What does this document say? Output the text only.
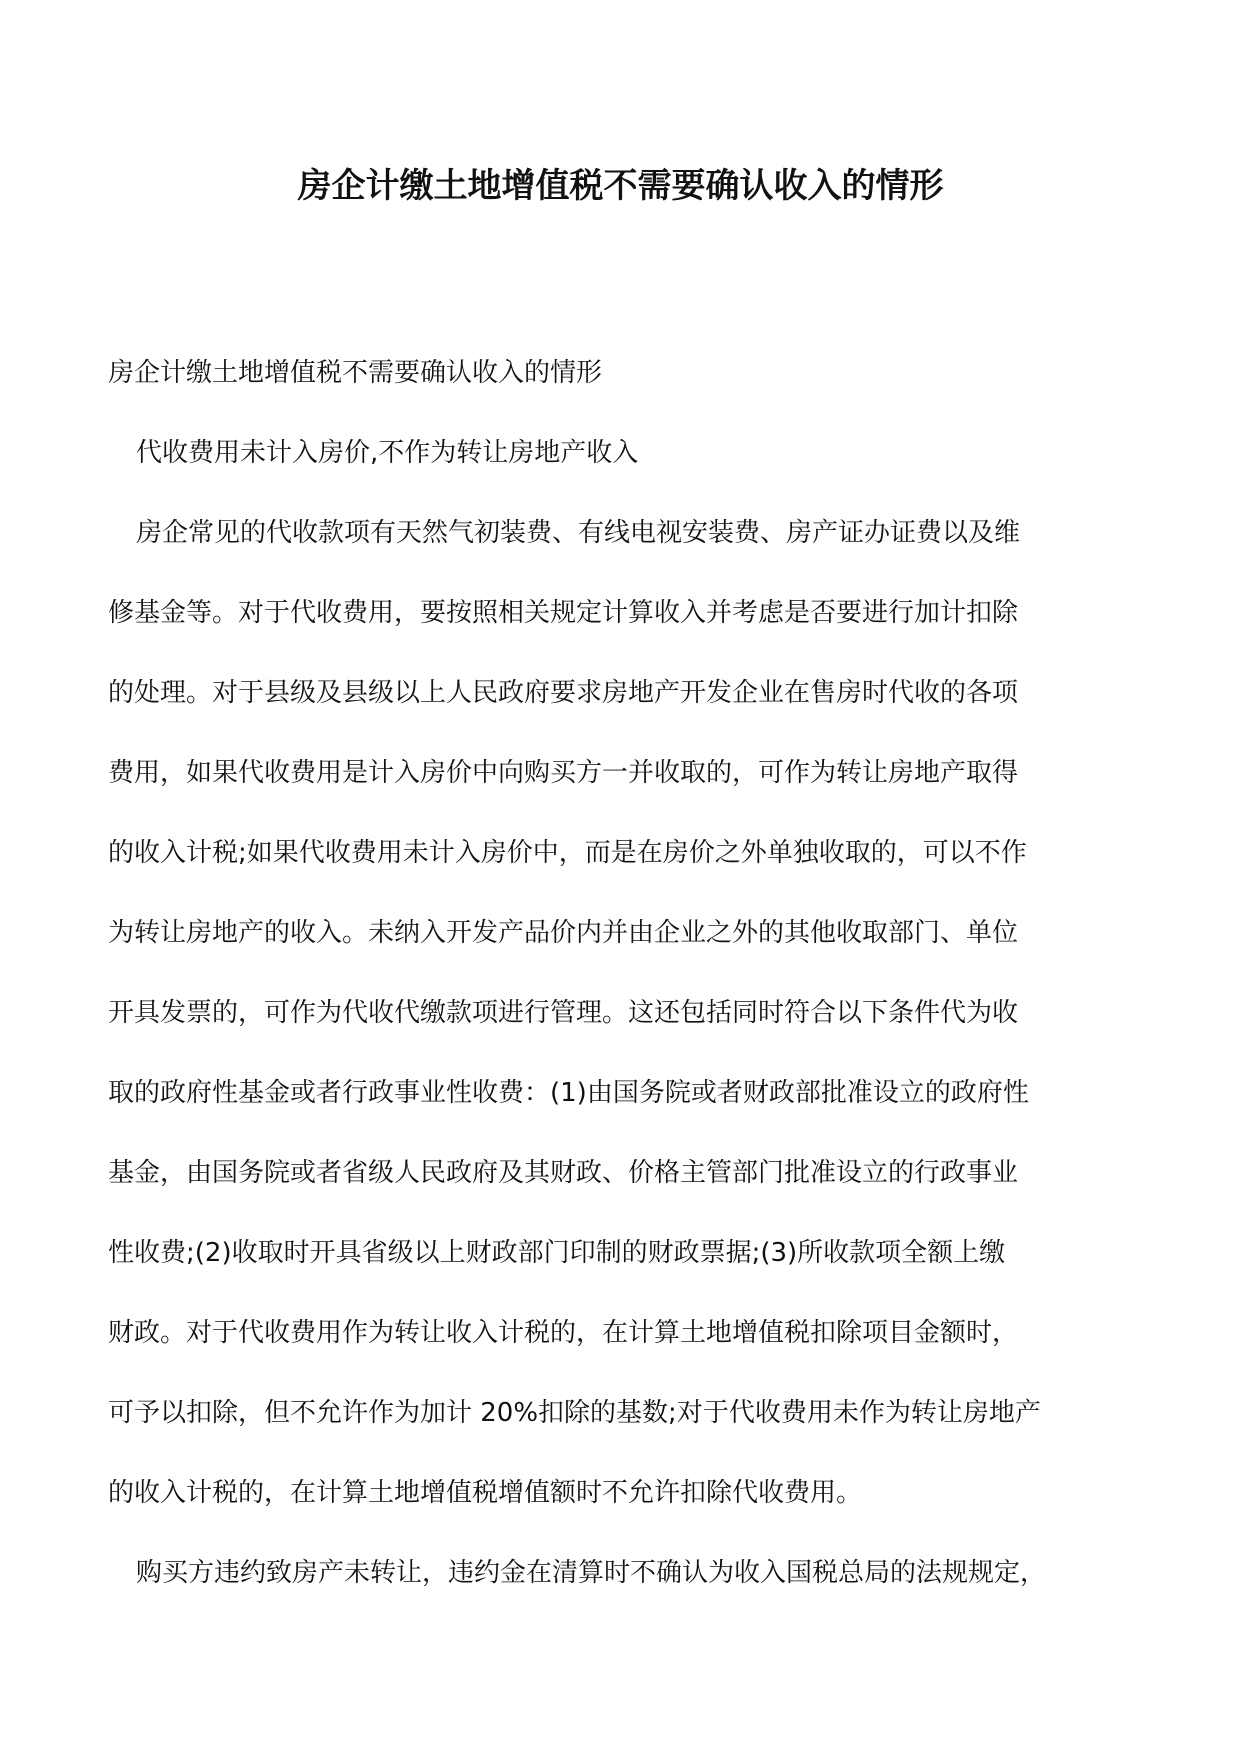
房企计缴土地增值税不需要确认收入的情形

房企计缴土地增值税不需要确认收入的情形

代收费用未计入房价,不作为转让房地产收入

房企常见的代收款项有天然气初装费、有线电视安装费、房产证办证费以及维

修基金等。对于代收费用，要按照相关规定计算收入并考虑是否要进行加计扣除

的处理。对于县级及县级以上人民政府要求房地产开发企业在售房时代收的各项

费用，如果代收费用是计入房价中向购买方一并收取的，可作为转让房地产取得

的收入计税;如果代收费用未计入房价中，而是在房价之外单独收取的，可以不作

为转让房地产的收入。未纳入开发产品价内并由企业之外的其他收取部门、单位

开具发票的，可作为代收代缴款项进行管理。这还包括同时符合以下条件代为收

取的政府性基金或者行政事业性收费：(1)由国务院或者财政部批准设立的政府性

基金，由国务院或者省级人民政府及其财政、价格主管部门批准设立的行政事业

性收费;(2)收取时开具省级以上财政部门印制的财政票据;(3)所收款项全额上缴

财政。对于代收费用作为转让收入计税的，在计算土地增值税扣除项目金额时，

可予以扣除，但不允许作为加计 20%扣除的基数;对于代收费用未作为转让房地产

的收入计税的，在计算土地增值税增值额时不允许扣除代收费用。

购买方违约致房产未转让，违约金在清算时不确认为收入国税总局的法规规定，
